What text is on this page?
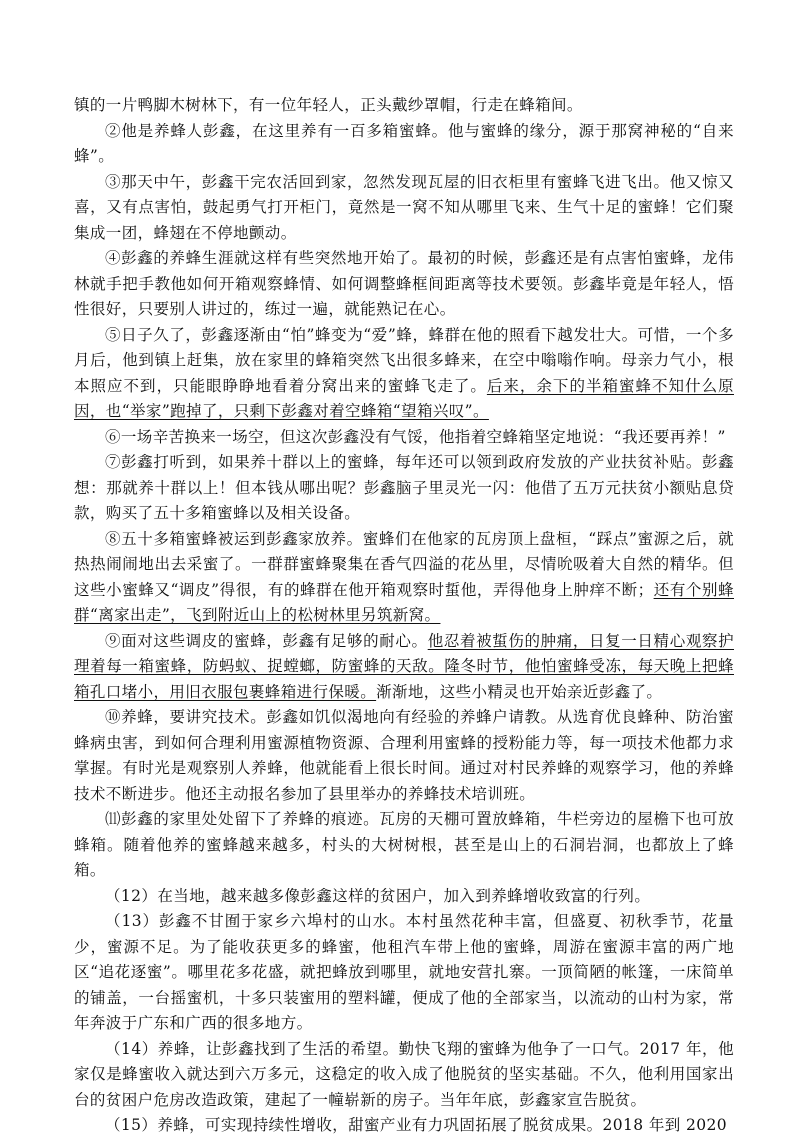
镇的一片鸭脚木树林下，有一位年轻人，正头戴纱罩帽，行走在蜂箱间。

②他是养蜂人彭鑫，在这里养有一百多箱蜜蜂。他与蜜蜂的缘分，源于那窝神秘的“自来蜂”。

③那天中午，彭鑫干完农活回到家，忽然发现瓦屋的旧衣柜里有蜜蜂飞进飞出。他又惊又喜，又有点害怕，鼓起勇气打开柜门，竟然是一窝不知从哪里飞来、生气十足的蜜蜂！它们聚集成一团，蜂翅在不停地颤动。

④彭鑫的养蜂生涯就这样有些突然地开始了。最初的时候，彭鑫还是有点害怕蜜蜂，龙伟林就手把手教他如何开箱观察蜂情、如何调整蜂框间距离等技术要领。彭鑫毕竟是年轻人，悟性很好，只要别人讲过的，练过一遍，就能熟记在心。

⑤日子久了，彭鑫逐渐由“怕”蜂变为“爱”蜂，蜂群在他的照看下越发壮大。可惜，一个多月后，他到镇上赶集，放在家里的蜂箱突然飞出很多蜂来，在空中嗡嗡作响。母亲力气小，根本照应不到，只能眼睁睁地看着分窝出来的蜜蜂飞走了。后来，余下的半箱蜜蜂不知什么原因，也“举家”跑掉了，只剩下彭鑫对着空蜂箱“望箱兴叹”。

⑥一场辛苦换来一场空，但这次彭鑫没有气馁，他指着空蜂箱坚定地说：“我还要再养！”

⑦彭鑫打听到，如果养十群以上的蜜蜂，每年还可以领到政府发放的产业扶贫补贴。彭鑫想：那就养十群以上！但本钱从哪出呢？彭鑫脑子里灵光一闪：他借了五万元扶贫小额贴息贷款，购买了五十多箱蜜蜂以及相关设备。

⑧五十多箱蜜蜂被运到彭鑫家放养。蜜蜂们在他家的瓦房顶上盘桓，“踩点”蜜源之后，就热热闹闹地出去采蜜了。一群群蜜蜂聚集在香气四溢的花丛里，尽情吮吸着大自然的精华。但这些小蜜蜂又“调皮”得很，有的蜂群在他开箱观察时蜇他，弄得他身上肿痒不断；还有个别蜂群“离家出走”，飞到附近山上的松树林里另筑新窝。

⑨面对这些调皮的蜜蜂，彭鑫有足够的耐心。他忍着被蜇伤的肿痛，日复一日精心观察护理着每一箱蜜蜂，防蚂蚁、捉螳螂，防蜜蜂的天敌。隆冬时节，他怕蜜蜂受冻，每天晚上把蜂箱孔口堵小，用旧衣服包裹蜂箱进行保暖。渐渐地，这些小精灵也开始亲近彭鑫了。

⑩养蜂，要讲究技术。彭鑫如饥似渴地向有经验的养蜂户请教。从选育优良蜂种、防治蜜蜂病虫害，到如何合理利用蜜源植物资源、合理利用蜜蜂的授粉能力等，每一项技术他都力求掌握。有时光是观察别人养蜂，他就能看上很长时间。通过对村民养蜂的观察学习，他的养蜂技术不断进步。他还主动报名参加了县里举办的养蜂技术培训班。

⑾彭鑫的家里处处留下了养蜂的痕迹。瓦房的天棚可置放蜂箱，牛栏旁边的屋檐下也可放蜂箱。随着他养的蜜蜂越来越多，村头的大树树根，甚至是山上的石洞岩洞，也都放上了蜂箱。

（12）在当地，越来越多像彭鑫这样的贫困户，加入到养蜂增收致富的行列。

（13）彭鑫不甘囿于家乡六埠村的山水。本村虽然花种丰富，但盛夏、初秋季节，花量少，蜜源不足。为了能收获更多的蜂蜜，他租汽车带上他的蜜蜂，周游在蜜源丰富的两广地区“追花逐蜜”。哪里花多花盛，就把蜂放到哪里，就地安营扎寨。一顶简陋的帐篷，一床简单的铺盖，一台摇蜜机，十多只装蜜用的塑料罐，便成了他的全部家当，以流动的山村为家，常年奔波于广东和广西的很多地方。

（14）养蜂，让彭鑫找到了生活的希望。勤快飞翔的蜜蜂为他争了一口气。2017 年，他家仅是蜂蜜收入就达到六万多元，这稳定的收入成了他脱贫的坚实基础。不久，他利用国家出台的贫困户危房改造政策，建起了一幢崭新的房子。当年年底，彭鑫家宣告脱贫。

（15）养蜂，可实现持续性增收，甜蜜产业有力巩固拓展了脱贫成果。2018 年到 2020
